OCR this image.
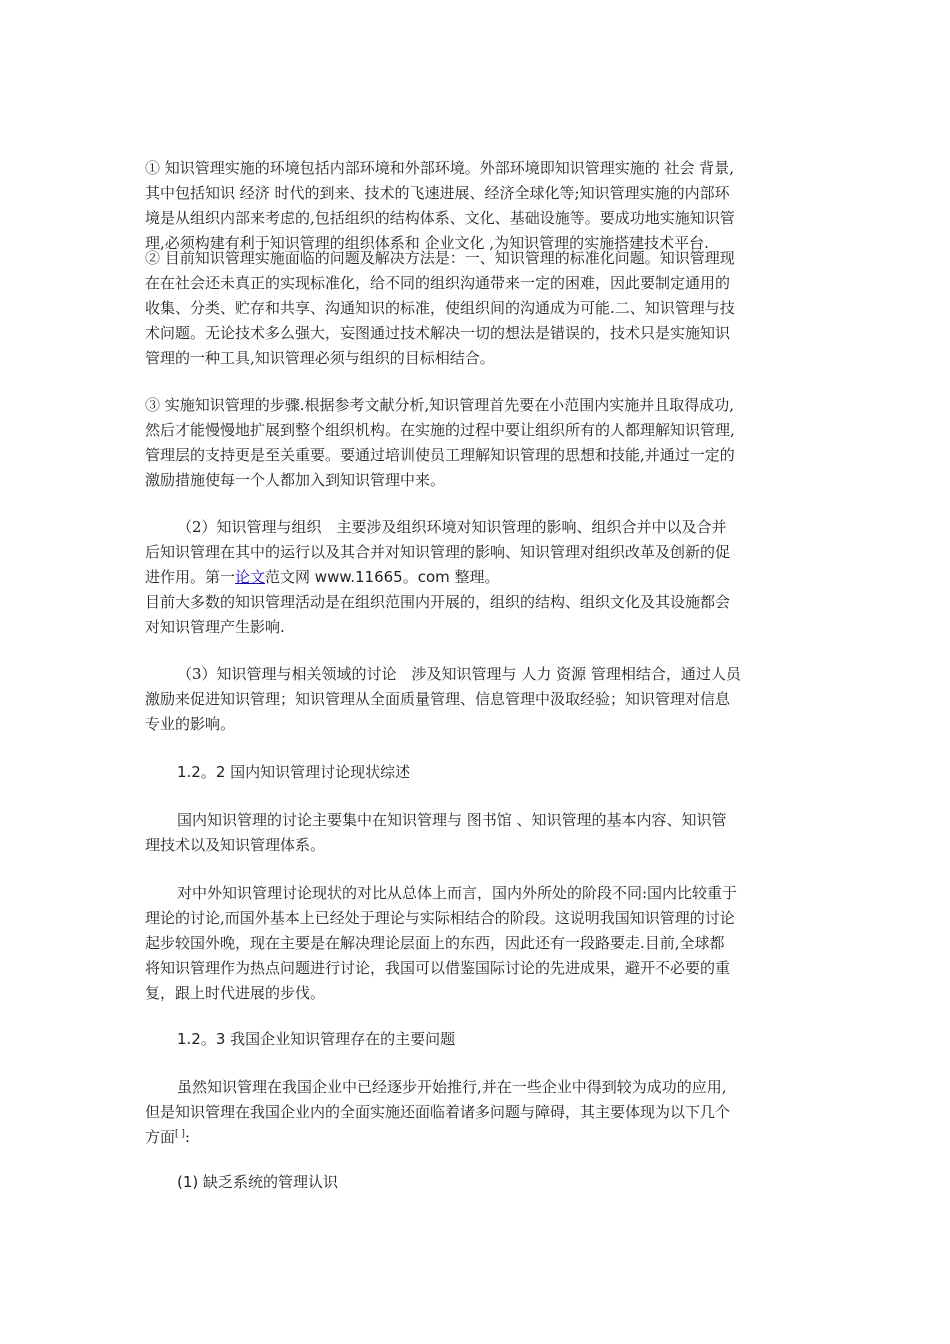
① 知识管理实施的环境包括内部环境和外部环境。外部环境即知识管理实施的 社会 背景,
其中包括知识 经济 时代的到来、技术的飞速进展、经济全球化等;知识管理实施的内部环
境是从组织内部来考虑的,包括组织的结构体系、文化、基础设施等。要成功地实施知识管
理,必须构建有利于知识管理的组织体系和 企业文化 ,为知识管理的实施搭建技术平台.

② 目前知识管理实施面临的问题及解决方法是：一、知识管理的标准化问题。知识管理现
在在社会还未真正的实现标准化，给不同的组织沟通带来一定的困难，因此要制定通用的
收集、分类、贮存和共享、沟通知识的标准，使组织间的沟通成为可能.二、知识管理与技
术问题。无论技术多么强大，妄图通过技术解决一切的想法是错误的，技术只是实施知识
管理的一种工具,知识管理必须与组织的目标相结合。

③ 实施知识管理的步骤.根据参考文献分析,知识管理首先要在小范围内实施并且取得成功,
然后才能慢慢地扩展到整个组织机构。在实施的过程中要让组织所有的人都理解知识管理,
管理层的支持更是至关重要。要通过培训使员工理解知识管理的思想和技能,并通过一定的
激励措施使每一个人都加入到知识管理中来。

（2）知识管理与组织　主要涉及组织环境对知识管理的影响、组织合并中以及合并
后知识管理在其中的运行以及其合并对知识管理的影响、知识管理对组织改革及创新的促
进作用。第一论文范文网 www.11665。com 整理。
目前大多数的知识管理活动是在组织范围内开展的，组织的结构、组织文化及其设施都会
对知识管理产生影响.

（3）知识管理与相关领域的讨论　涉及知识管理与 人力 资源 管理相结合，通过人员
激励来促进知识管理；知识管理从全面质量管理、信息管理中汲取经验；知识管理对信息
专业的影响。

1.2。2 国内知识管理讨论现状综述

国内知识管理的讨论主要集中在知识管理与 图书馆 、知识管理的基本内容、知识管
理技术以及知识管理体系。

对中外知识管理讨论现状的对比从总体上而言，国内外所处的阶段不同:国内比较重于
理论的讨论,而国外基本上已经处于理论与实际相结合的阶段。这说明我国知识管理的讨论
起步较国外晚，现在主要是在解决理论层面上的东西，因此还有一段路要走.目前,全球都
将知识管理作为热点问题进行讨论，我国可以借鉴国际讨论的先进成果，避开不必要的重
复，跟上时代进展的步伐。

1.2。3 我国企业知识管理存在的主要问题

虽然知识管理在我国企业中已经逐步开始推行,并在一些企业中得到较为成功的应用,
但是知识管理在我国企业内的全面实施还面临着诸多问题与障碍，其主要体现为以下几个
方面[ ]:

(1) 缺乏系统的管理认识
